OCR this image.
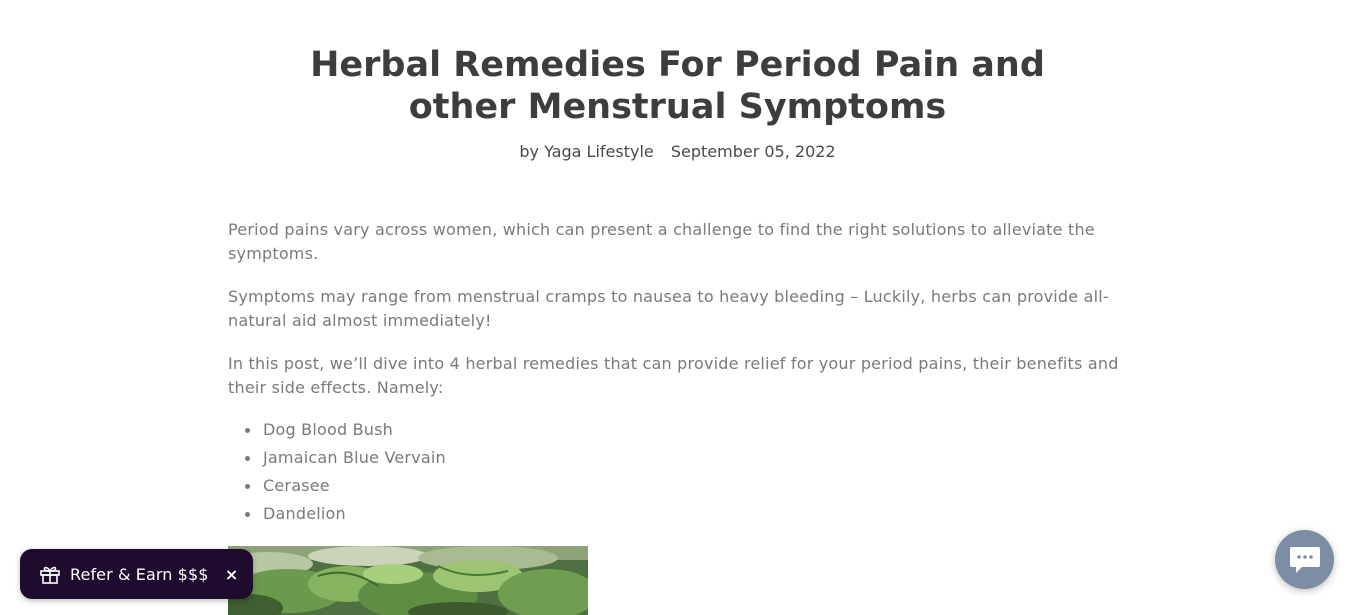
Herbal Remedies For Period Pain and other Menstrual Symptoms
by Yaga Lifestyle September 05, 2022

Period pains vary across women, which can present a challenge to find the right solutions to alleviate the symptoms.

Symptoms may range from menstrual cramps to nausea to heavy bleeding – Luckily, herbs can provide all-natural aid almost immediately!

In this post, we’ll dive into 4 herbal remedies that can provide relief for your period pains, their benefits and their side effects. Namely:

Dog Blood Bush
Jamaican Blue Vervain
Cerasee
Dandelion
Refer & Earn $$$ ×
